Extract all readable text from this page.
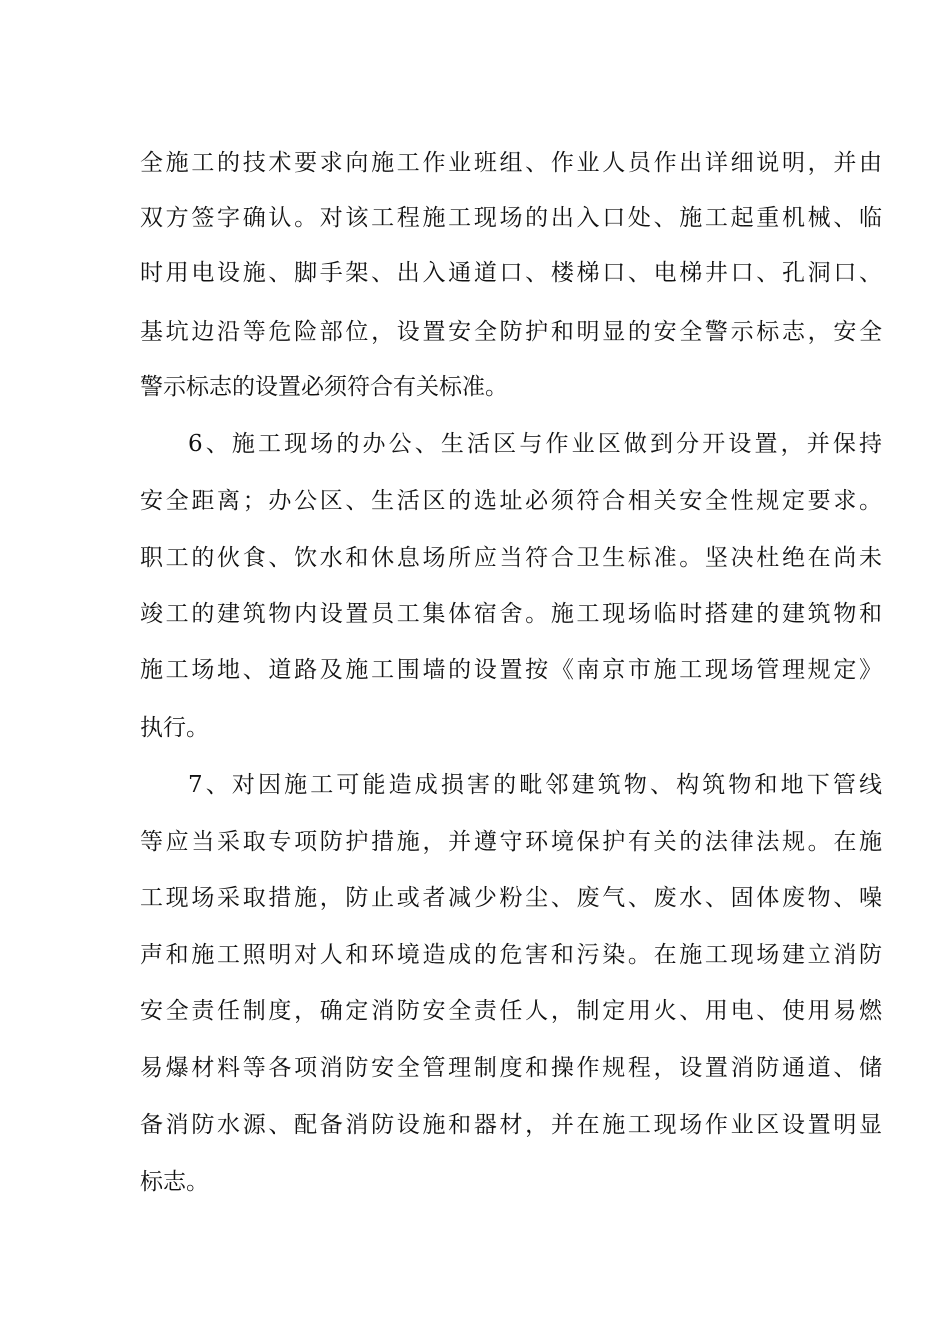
全施工的技术要求向施工作业班组、作业人员作出详细说明，并由
双方签字确认。对该工程施工现场的出入口处、施工起重机械、临
时用电设施、脚手架、出入通道口、楼梯口、电梯井口、孔洞口、
基坑边沿等危险部位，设置安全防护和明显的安全警示标志，安全
警示标志的设置必须符合有关标准。
6、施工现场的办公、生活区与作业区做到分开设置，并保持
安全距离；办公区、生活区的选址必须符合相关安全性规定要求。
职工的伙食、饮水和休息场所应当符合卫生标准。坚决杜绝在尚未
竣工的建筑物内设置员工集体宿舍。施工现场临时搭建的建筑物和
施工场地、道路及施工围墙的设置按《南京市施工现场管理规定》
执行。
7、对因施工可能造成损害的毗邻建筑物、构筑物和地下管线
等应当采取专项防护措施，并遵守环境保护有关的法律法规。在施
工现场采取措施，防止或者减少粉尘、废气、废水、固体废物、噪
声和施工照明对人和环境造成的危害和污染。在施工现场建立消防
安全责任制度，确定消防安全责任人，制定用火、用电、使用易燃
易爆材料等各项消防安全管理制度和操作规程，设置消防通道、储
备消防水源、配备消防设施和器材，并在施工现场作业区设置明显
标志。
